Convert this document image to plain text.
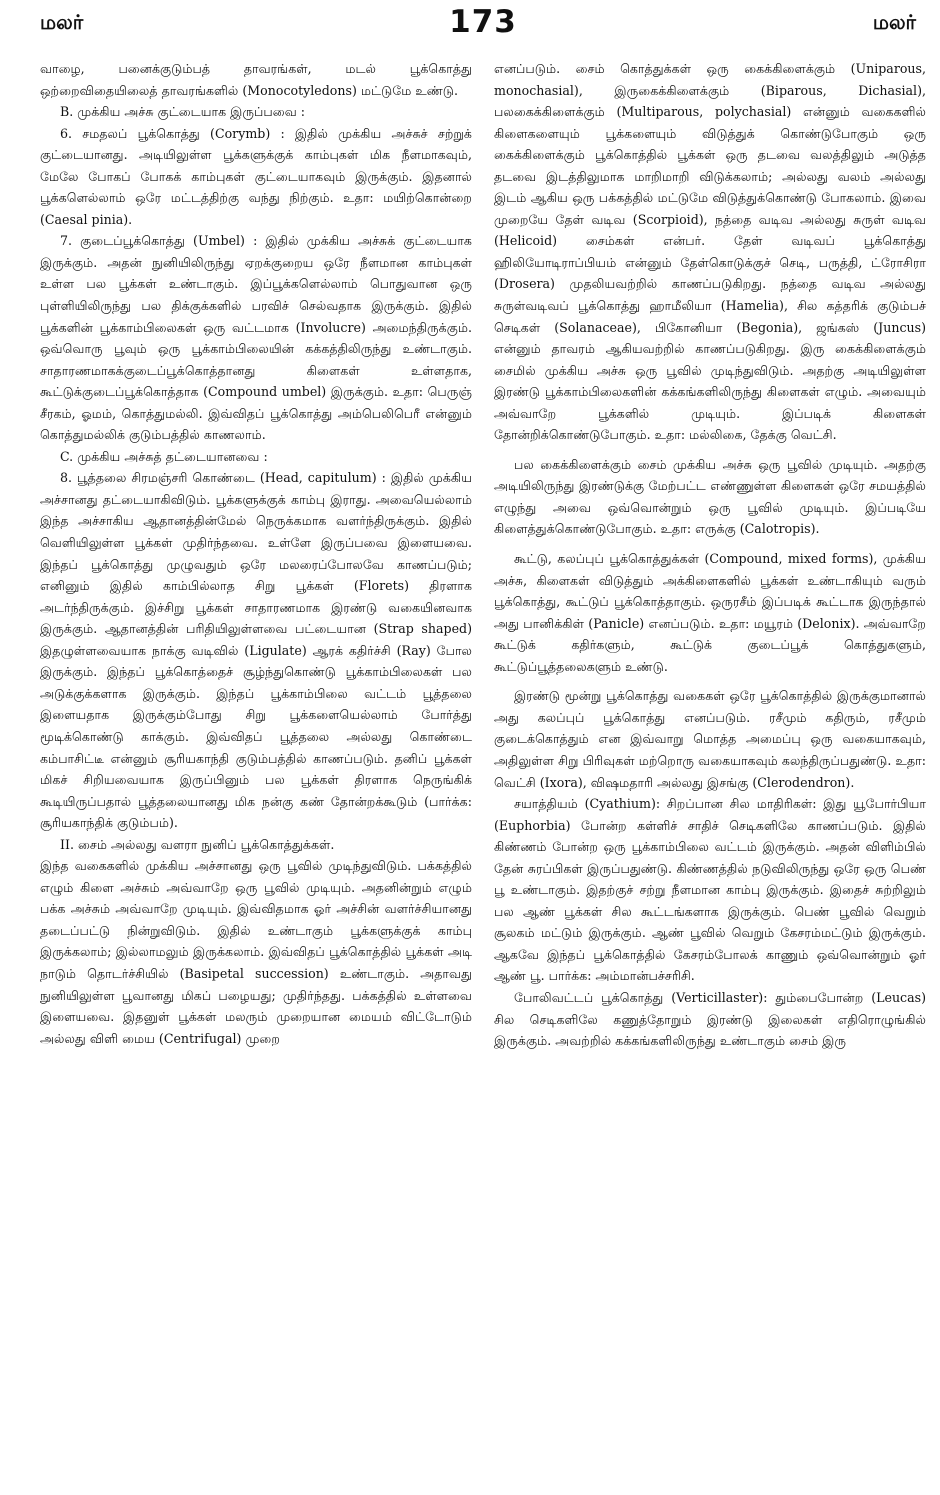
மலர்	173	மலர்

வாழை, பனைக்குடும்பத் தாவரங்கள், மடல் பூக்கொத்து ஒற்றைவிதையிலைத் தாவரங்களில் (Monocotyledons) மட்டுமே உண்டு.

B. முக்கிய அச்சு குட்டையாக இருப்பவை :

6. சமதலப் பூக்கொத்து (Corymb) : இதில் முக்கிய அச்சுச் சற்றுக் குட்டையானது. அடியிலுள்ள பூக்களுக்குக் காம்புகள் மிக நீளமாகவும், மேலே போகப் போகக் காம்புகள் குட்டையாகவும் இருக்கும். இதனால் பூக்களெல்லாம் ஒரே மட்டத்திற்கு வந்து நிற்கும். உதா: மயிற்கொன்றை (Caesal pinia).

7. குடைப்பூக்கொத்து (Umbel) : இதில் முக்கிய அச்சுக் குட்டையாக இருக்கும். அதன் நுனியிலிருந்து ஏறக்குறைய ஒரே நீளமான காம்புகள் உள்ள பல பூக்கள் உண்டாகும். இப்பூக்களெல்லாம் பொதுவான ஒரு புள்ளியிலிருந்து பல திக்குக்களில் பரவிச் செல்வதாக இருக்கும். இதில் பூக்களின் பூக்காம்பிலைகள் ஒரு வட்டமாக (Involucre) அமைந்திருக்கும். ஒவ்வொரு பூவும் ஒரு பூக்காம்பிலையின் கக்கத்திலிருந்து உண்டாகும். சாதாரணமாகக்குடைப்பூக்கொத்தானது கிளைகள் உள்ளதாக, கூட்டுக்குடைப்பூக்கொத்தாக (Compound umbel) இருக்கும். உதா: பெருஞ் சீரகம், ஓமம், கொத்துமல்லி. இவ்விதப் பூக்கொத்து அம்பெலிபெரீ என்னும் கொத்துமல்லிக் குடும்பத்தில் காணலாம்.

C. முக்கிய அச்சுத் தட்டையானவை :

8. பூத்தலை சிரமஞ்சரி கொண்டை (Head, capitulum) : இதில் முக்கிய அச்சானது தட்டையாகிவிடும். பூக்களுக்குக் காம்பு இராது. அவையெல்லாம் இந்த அச்சாகிய ஆதானத்தின்மேல் நெருக்கமாக வளர்ந்திருக்கும். இதில் வெளியிலுள்ள பூக்கள் முதிர்ந்தவை. உள்ளே இருப்பவை இளையவை. இந்தப் பூக்கொத்து முழுவதும் ஒரே மலரைப்போலவே காணப்படும்; எனினும் இதில் காம்பில்லாத சிறு பூக்கள் (Florets) திரளாக அடர்ந்திருக்கும். இச்சிறு பூக்கள் சாதாரணமாக இரண்டு வகையினவாக இருக்கும். ஆதானத்தின் பரிதியிலுள்ளவை பட்டையான (Strap shaped) இதழுள்ளவையாக நாக்கு வடிவில் (Ligulate) ஆரக் கதிர்ச்சி (Ray) போல இருக்கும். இந்தப் பூக்கொத்தைச் சூழ்ந்துகொண்டு பூக்காம்பிலைகள் பல அடுக்குக்களாக இருக்கும். இந்தப் பூக்காம்பிலை வட்டம் பூத்தலை இளையதாக இருக்கும்போது சிறு பூக்களையெல்லாம் போர்த்து மூடிக்கொண்டு காக்கும். இவ்விதப் பூத்தலை அல்லது கொண்டை கம்பாசிட்டீ என்னும் சூரியகாந்தி குடும்பத்தில் காணப்படும். தனிப் பூக்கள் மிகச் சிறியவையாக இருப்பினும் பல பூக்கள் திரளாக நெருங்கிக் கூடியிருப்பதால் பூத்தலையானது மிக நன்கு கண் தோன்றக்கூடும் (பார்க்க: சூரியகாந்திக் குடும்பம்).

II. சைம் அல்லது வளரா நுனிப் பூக்கொத்துக்கள்.

இந்த வகைகளில் முக்கிய அச்சானது ஒரு பூவில் முடிந்துவிடும். பக்கத்தில் எழும் கிளை அச்சும் அவ்வாறே ஒரு பூவில் முடியும். அதனின்றும் எழும் பக்க அச்சும் அவ்வாறே முடியும். இவ்விதமாக ஓர் அச்சின் வளர்ச்சியானது தடைப்பட்டு நின்றுவிடும். இதில் உண்டாகும் பூக்களுக்குக் காம்பு இருக்கலாம்; இல்லாமலும் இருக்கலாம். இவ்விதப் பூக்கொத்தில் பூக்கள் அடி நாடும் தொடர்ச்சியில் (Basipetal succession) உண்டாகும். அதாவது நுனியிலுள்ள பூவானது மிகப் பழையது; முதிர்ந்தது. பக்கத்தில் உள்ளவை இளையவை. இதனுள் பூக்கள் மலரும் முறையான மையம் விட்டோடும் அல்லது விளி மைய (Centrifugal) முறை

எனப்படும். சைம் கொத்துக்கள் ஒரு கைக்கிளைக்கும் (Uniparous, monochasial), இருகைக்கிளைக்கும் (Biparous, Dichasial), பலகைக்கிளைக்கும் (Multiparous, polychasial) என்னும் வகைகளில் கிளைகளையும் பூக்களையும் விடுத்துக் கொண்டுபோகும் ஒரு கைக்கிளைக்கும் பூக்கொத்தில் பூக்கள் ஒரு தடவை வலத்திலும் அடுத்த தடவை இடத்திலுமாக மாறிமாறி விடுக்கலாம்; அல்லது வலம் அல்லது இடம் ஆகிய ஒரு பக்கத்தில் மட்டுமே விடுத்துக்கொண்டு போகலாம். இவை முறையே தேள் வடிவ (Scorpioid), நத்தை வடிவ அல்லது சுருள் வடிவ (Helicoid) சைம்கள் என்பர். தேள் வடிவப் பூக்கொத்து ஹிலியோடிராப்பியம் என்னும் தேள்கொடுக்குச் செடி, பருத்தி, ட்ரோசிரா (Drosera) முதலியவற்றில் காணப்படுகிறது. நத்தை வடிவ அல்லது சுருள்வடிவப் பூக்கொத்து ஹாமீலியா (Hamelia), சில கத்தரிக் குடும்பச் செடிகள் (Solanaceae), பிகோனியா (Begonia), ஜங்கஸ் (Juncus) என்னும் தாவரம் ஆகியவற்றில் காணப்படுகிறது. இரு கைக்கிளைக்கும் சைமில் முக்கிய அச்சு ஒரு பூவில் முடிந்துவிடும். அதற்கு அடியிலுள்ள இரண்டு பூக்காம்பிலைகளின் கக்கங்களிலிருந்து கிளைகள் எழும். அவையும் அவ்வாறே பூக்களில் முடியும். இப்படிக் கிளைகள் தோன்றிக்கொண்டுபோகும். உதா: மல்லிகை, தேக்கு வெட்சி.

பல கைக்கிளைக்கும் சைம் முக்கிய அச்சு ஒரு பூவில் முடியும். அதற்கு அடியிலிருந்து இரண்டுக்கு மேற்பட்ட எண்ணுள்ள கிளைகள் ஒரே சமயத்தில் எழுந்து அவை ஒவ்வொன்றும் ஒரு பூவில் முடியும். இப்படியே கிளைத்துக்கொண்டுபோகும். உதா: எருக்கு (Calotropis).

கூட்டு, கலப்புப் பூக்கொத்துக்கள் (Compound, mixed forms), முக்கிய அச்சு, கிளைகள் விடுத்தும் அக்கிளைகளில் பூக்கள் உண்டாகியும் வரும் பூக்கொத்து, கூட்டுப் பூக்கொத்தாகும். ஒருரசீம் இப்படிக் கூட்டாக இருந்தால் அது பானிக்கிள் (Panicle) எனப்படும். உதா: மயூரம் (Delonix). அவ்வாறே கூட்டுக் கதிர்களும், கூட்டுக் குடைப்பூக் கொத்துகளும், கூட்டுப்பூத்தலைகளும் உண்டு.

இரண்டு மூன்று பூக்கொத்து வகைகள் ஒரே பூக்கொத்தில் இருக்குமானால் அது கலப்புப் பூக்கொத்து எனப்படும். ரசீமும் கதிரும், ரசீமும் குடைக்கொத்தும் என இவ்வாறு மொத்த அமைப்பு ஒரு வகையாகவும், அதிலுள்ள சிறு பிரிவுகள் மற்றொரு வகையாகவும் கலந்திருப்பதுண்டு. உதா: வெட்சி (Ixora), விஷமதாரி அல்லது இசங்கு (Clerodendron).

சயாத்தியம் (Cyathium): சிறப்பான சில மாதிரிகள்: இது யூபோர்பியா (Euphorbia) போன்ற கள்ளிச் சாதிச் செடிகளிலே காணப்படும். இதில் கிண்ணம் போன்ற ஒரு பூக்காம்பிலை வட்டம் இருக்கும். அதன் விளிம்பில் தேன் சுரப்பிகள் இருப்பதுண்டு. கிண்ணத்தில் நடுவிலிருந்து ஒரே ஒரு பெண் பூ உண்டாகும். இதற்குச் சற்று நீளமான காம்பு இருக்கும். இதைச் சுற்றிலும் பல ஆண் பூக்கள் சில கூட்டங்களாக இருக்கும். பெண் பூவில் வெறும் சூலகம் மட்டும் இருக்கும். ஆண் பூவில் வெறும் கேசரம்மட்டும் இருக்கும். ஆகவே இந்தப் பூக்கொத்தில் கேசரம்போலக் காணும் ஒவ்வொன்றும் ஓர் ஆண் பூ. பார்க்க: அம்மான்பச்சரிசி.

போலிவட்டப் பூக்கொத்து (Verticillaster): தும்பைபோன்ற (Leucas) சில செடிகளிலே கணுத்தோறும் இரண்டு இலைகள் எதிரொழுங்கில் இருக்கும். அவற்றில் கக்கங்களிலிருந்து உண்டாகும் சைம் இரு
